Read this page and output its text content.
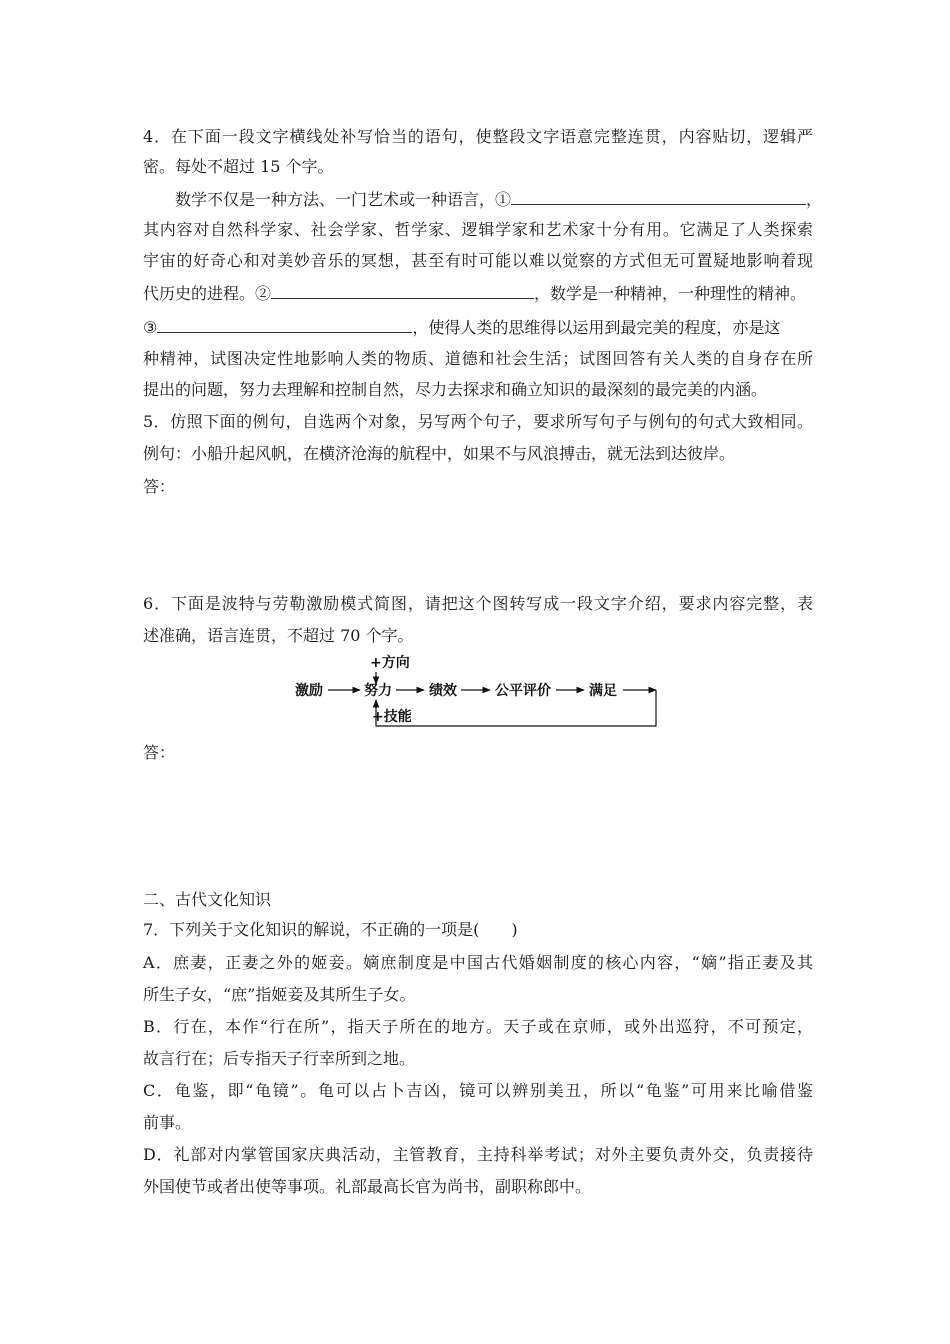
4．在下面一段文字横线处补写恰当的语句，使整段文字语意完整连贯，内容贴切，逻辑严
密。每处不超过 15 个字。
数学不仅是一种方法、一门艺术或一种语言，①	，
其内容对自然科学家、社会学家、哲学家、逻辑学家和艺术家十分有用。它满足了人类探索
宇宙的好奇心和对美妙音乐的冥想，甚至有时可能以难以觉察的方式但无可置疑地影响着现
代历史的进程。②	，数学是一种精神，一种理性的精神。
③	，使得人类的思维得以运用到最完美的程度，亦是这
种精神，试图决定性地影响人类的物质、道德和社会生活；试图回答有关人类的自身存在所
提出的问题，努力去理解和控制自然，尽力去探求和确立知识的最深刻的最完美的内涵。
5．仿照下面的例句，自选两个对象，另写两个句子，要求所写句子与例句的句式大致相同。
例句：小船升起风帆，在横济沧海的航程中，如果不与风浪搏击，就无法到达彼岸。
答：
6．下面是波特与劳勒激励模式简图，请把这个图转写成一段文字介绍，要求内容完整，表
述准确，语言连贯，不超过 70 个字。
+方向
激励	努力	绩效	公平评价	满足
+技能
答：
二、古代文化知识
7．下列关于文化知识的解说，不正确的一项是(　　)
A．庶妻，正妻之外的姬妾。嫡庶制度是中国古代婚姻制度的核心内容，“嫡”指正妻及其
所生子女，“庶”指姬妾及其所生子女。
B．行在，本作“行在所”，指天子所在的地方。天子或在京师，或外出巡狩，不可预定，
故言行在；后专指天子行幸所到之地。
C．龟鉴，即“龟镜”。龟可以占卜吉凶，镜可以辨别美丑，所以“龟鉴”可用来比喻借鉴
前事。
D．礼部对内掌管国家庆典活动，主管教育，主持科举考试；对外主要负责外交，负责接待
外国使节或者出使等事项。礼部最高长官为尚书，副职称郎中。
